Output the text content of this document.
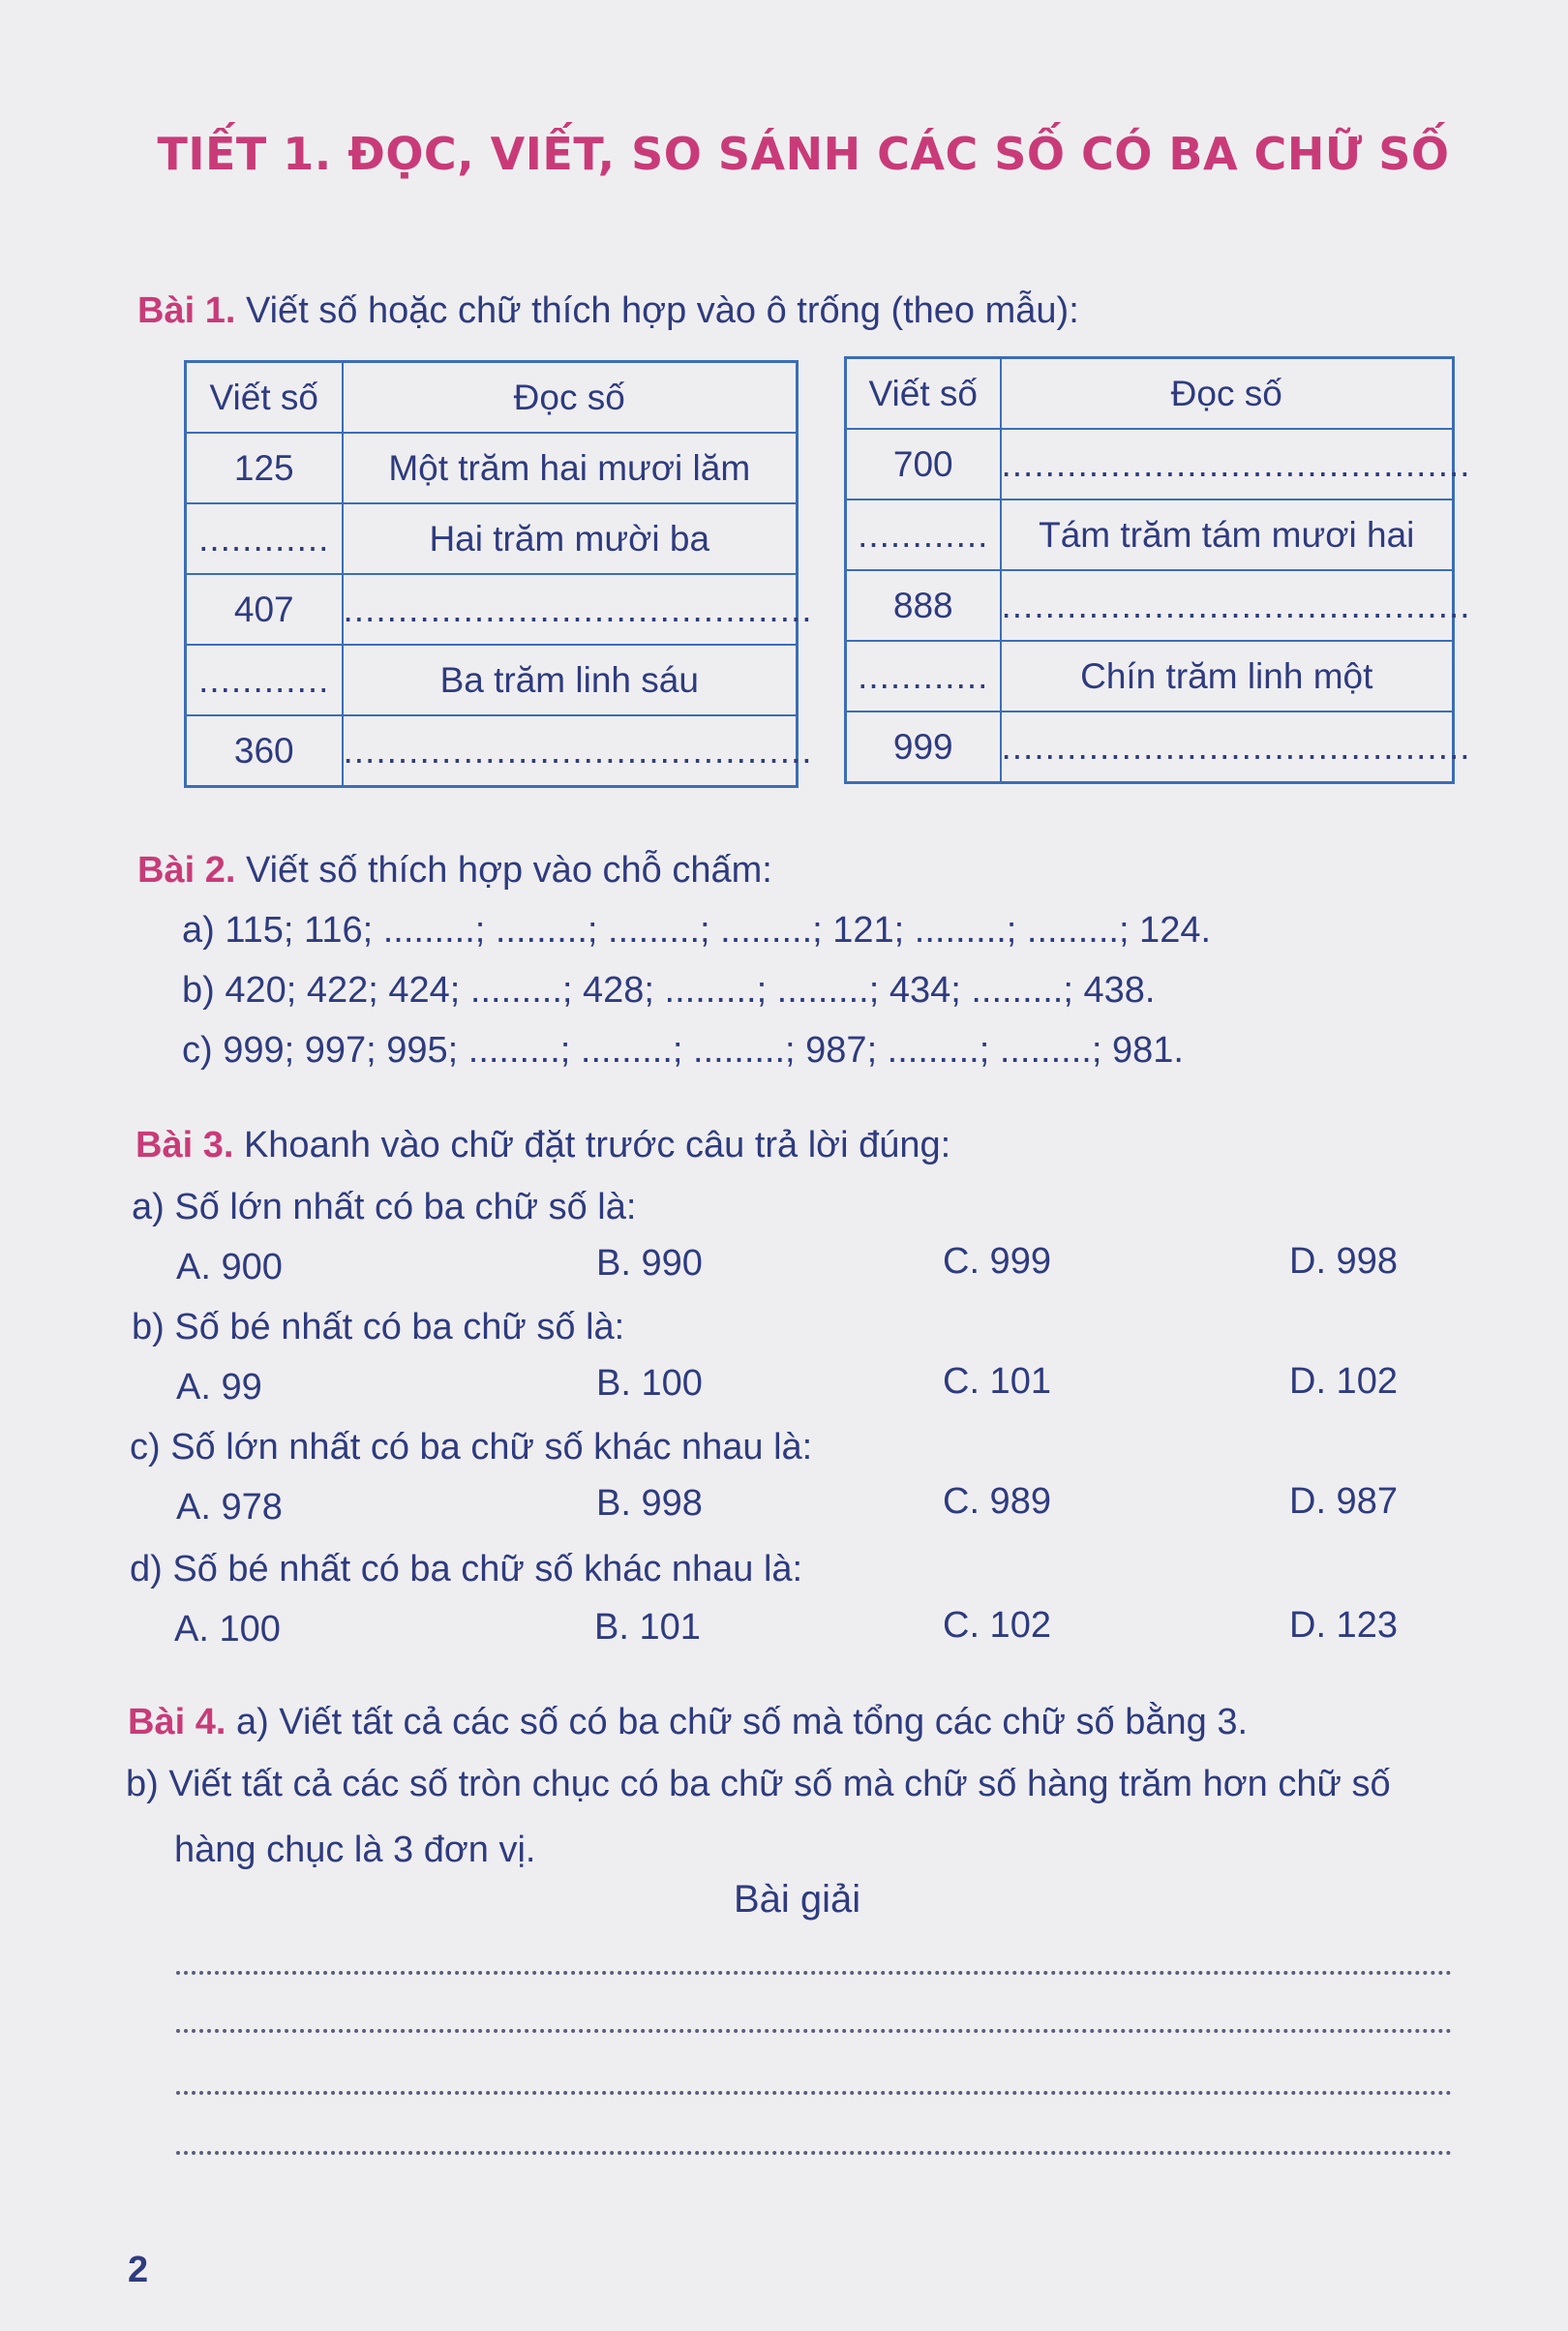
TIẾT 1. ĐỌC, VIẾT, SO SÁNH CÁC SỐ CÓ BA CHỮ SỐ
Bài 1. Viết số hoặc chữ thích hợp vào ô trống (theo mẫu):
Viết số	Đọc số
125	Một trăm hai mươi lăm
............	Hai trăm mười ba
407	...........................................
............	Ba trăm linh sáu
360	...........................................
Viết số	Đọc số
700	...........................................
............	Tám trăm tám mươi hai
888	...........................................
............	Chín trăm linh một
999	...........................................
Bài 2. Viết số thích hợp vào chỗ chấm:
a) 115; 116; .........; .........; .........; .........; 121; .........; .........; 124.
b) 420; 422; 424; .........; 428; .........; .........; 434; .........; 438.
c) 999; 997; 995; .........; .........; .........; 987; .........; .........; 981.
Bài 3. Khoanh vào chữ đặt trước câu trả lời đúng:
a) Số lớn nhất có ba chữ số là:
A. 900	B. 990	C. 999	D. 998
b) Số bé nhất có ba chữ số là:
A. 99	B. 100	C. 101	D. 102
c) Số lớn nhất có ba chữ số khác nhau là:
A. 978	B. 998	C. 989	D. 987
d) Số bé nhất có ba chữ số khác nhau là:
A. 100	B. 101	C. 102	D. 123
Bài 4. a) Viết tất cả các số có ba chữ số mà tổng các chữ số bằng 3.
b) Viết tất cả các số tròn chục có ba chữ số mà chữ số hàng trăm hơn chữ số
hàng chục là 3 đơn vị.
Bài giải
2
